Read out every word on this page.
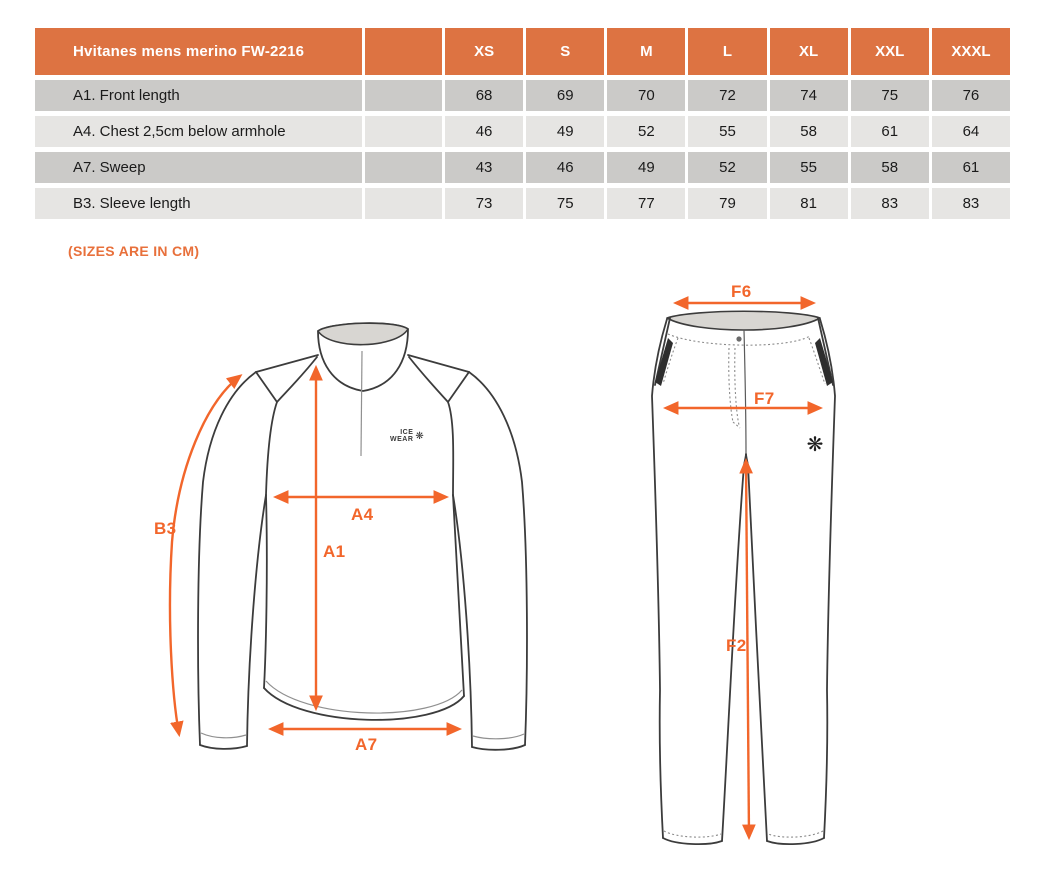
Hvitanes mens merino FW-2216	XS	S	M	L	XL	XXL	XXXL
A1. Front length	68	69	70	72	74	75	76
A4. Chest 2,5cm below armhole	46	49	52	55	58	61	64
A7. Sweep	43	46	49	52	55	58	61
B3. Sleeve length	73	75	77	79	81	83	83
(SIZES ARE IN CM)
❋
B3
A4
A1
A7
F6
F7
F2
ICE
WEAR ❋
